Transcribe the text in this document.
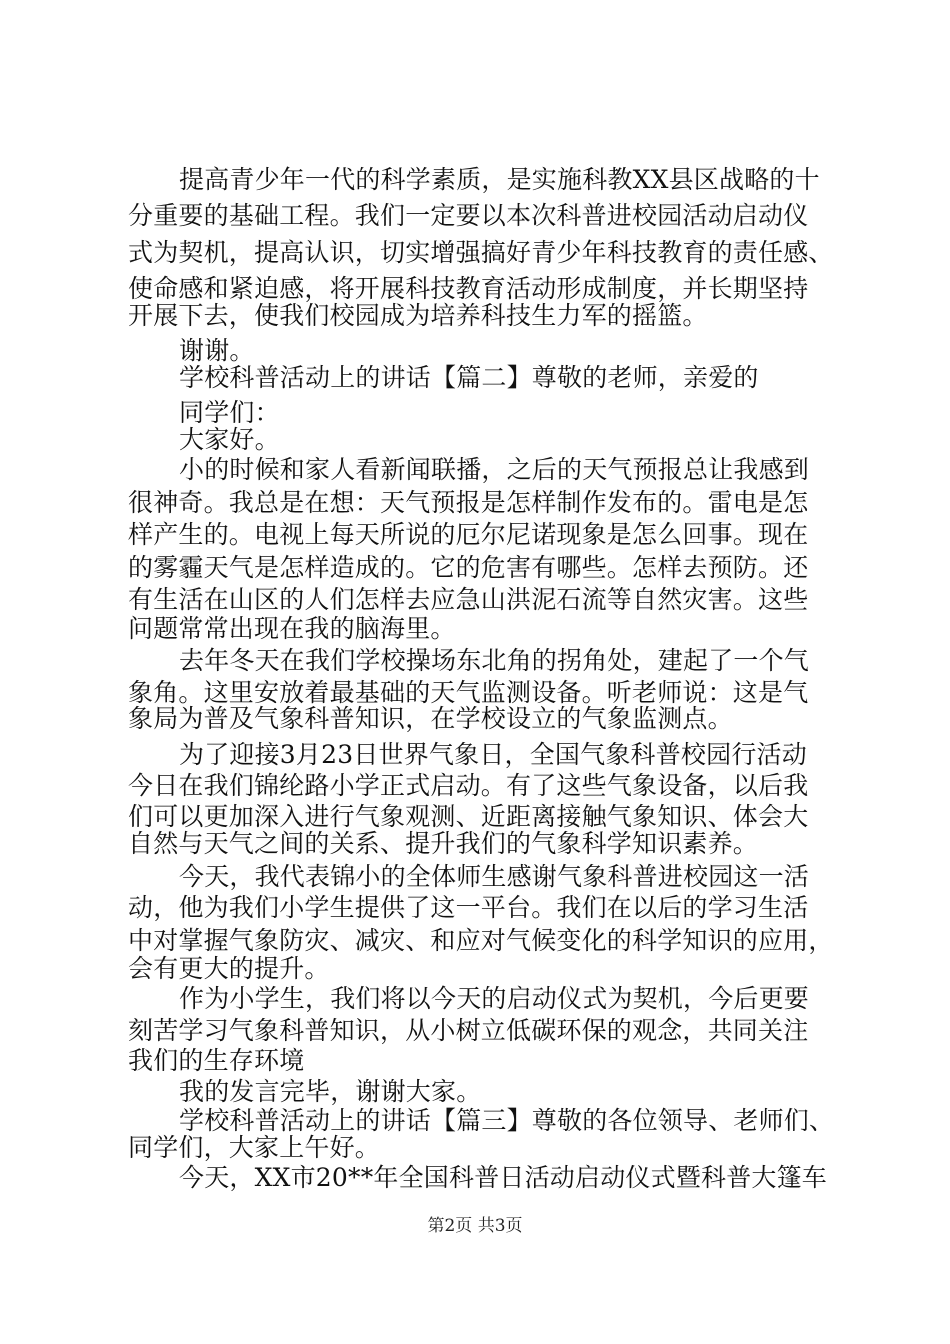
提高青少年一代的科学素质，是实施科教XX县区战略的十
分重要的基础工程。我们一定要以本次科普进校园活动启动仪
式为契机，提高认识，切实增强搞好青少年科技教育的责任感、
使命感和紧迫感，将开展科技教育活动形成制度，并长期坚持
开展下去，使我们校园成为培养科技生力军的摇篮。
谢谢。
学校科普活动上的讲话【篇二】尊敬的老师，亲爱的
同学们：
大家好。
小的时候和家人看新闻联播，之后的天气预报总让我感到
很神奇。我总是在想：天气预报是怎样制作发布的。雷电是怎
样产生的。电视上每天所说的厄尔尼诺现象是怎么回事。现在
的雾霾天气是怎样造成的。它的危害有哪些。怎样去预防。还
有生活在山区的人们怎样去应急山洪泥石流等自然灾害。这些
问题常常出现在我的脑海里。
去年冬天在我们学校操场东北角的拐角处，建起了一个气
象角。这里安放着最基础的天气监测设备。听老师说：这是气
象局为普及气象科普知识，在学校设立的气象监测点。
为了迎接3月23日世界气象日，全国气象科普校园行活动
今日在我们锦纶路小学正式启动。有了这些气象设备，以后我
们可以更加深入进行气象观测、近距离接触气象知识、体会大
自然与天气之间的关系、提升我们的气象科学知识素养。
今天，我代表锦小的全体师生感谢气象科普进校园这一活
动，他为我们小学生提供了这一平台。我们在以后的学习生活
中对掌握气象防灾、减灾、和应对气候变化的科学知识的应用，
会有更大的提升。
作为小学生，我们将以今天的启动仪式为契机，今后更要
刻苦学习气象科普知识，从小树立低碳环保的观念，共同关注
我们的生存环境
我的发言完毕，谢谢大家。
学校科普活动上的讲话【篇三】尊敬的各位领导、老师们、
同学们，大家上午好。
今天，XX市20**年全国科普日活动启动仪式暨科普大篷车
第2页 共3页
